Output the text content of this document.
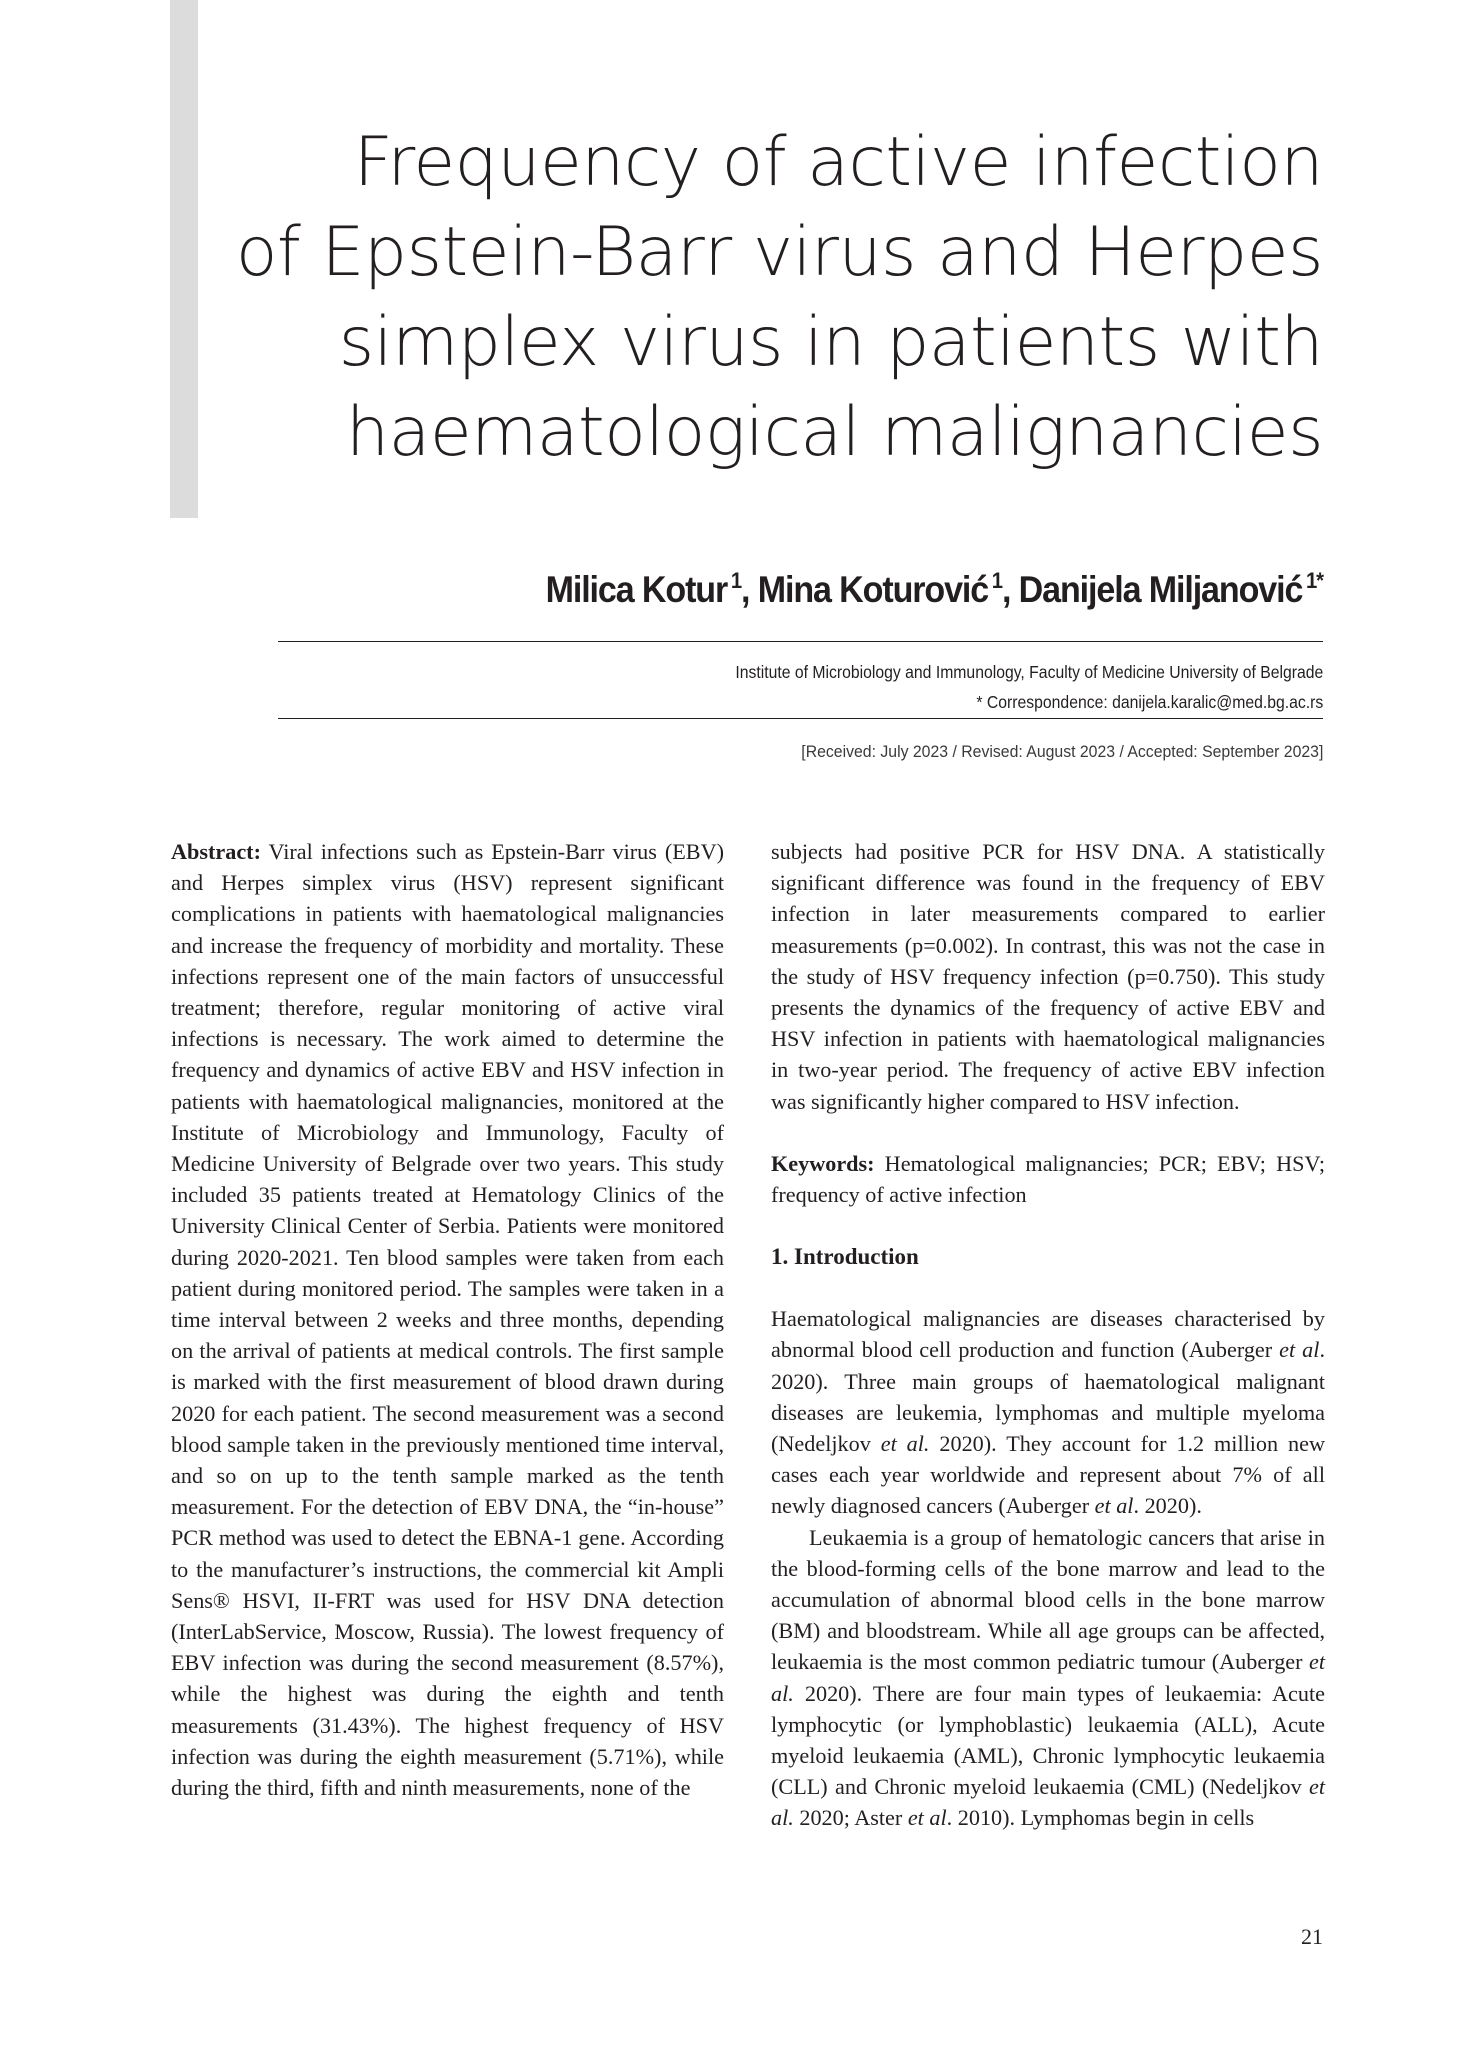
Frequency of active infection
of Epstein-Barr virus and Herpes
simplex virus in patients with
haematological malignancies
Milica Kotur $^1$, Mina Koturović $^1$, Danijela Miljanović $^{1*}$
Institute of Microbiology and Immunology, Faculty of Medicine University of Belgrade
* Correspondence: danijela.karalic@med.bg.ac.rs
[Received: July 2023 / Revised: August 2023 / Accepted: September 2023]

Abstract: Viral infections such as Epstein-Barr virus (EBV) and Herpes simplex virus (HSV) represent significant complications in patients with haematological malignancies and increase the frequency of morbidity and mortality. These infections represent one of the main factors of unsuccessful treatment; therefore, regular monitoring of active viral infections is necessary. The work aimed to determine the frequency and dynamics of active EBV and HSV infection in patients with haematological malignancies, monitored at the Institute of Microbiology and Immunology, Faculty of Medicine University of Belgrade over two years. This study included 35 patients treated at Hematology Clinics of the University Clinical Center of Serbia. Patients were monitored during 2020-2021. Ten blood samples were taken from each patient during monitored period. The samples were taken in a time interval between 2 weeks and three months, depending on the arrival of patients at medical controls. The first sample is marked with the first measurement of blood drawn during 2020 for each patient. The second measurement was a second blood sample taken in the previously mentioned time interval, and so on up to the tenth sample marked as the tenth measurement. For the detection of EBV DNA, the “in-house” PCR method was used to detect the EBNA-1 gene. According to the manufacturer’s instructions, the commercial kit Ampli Sens® HSVI, II-FRT was used for HSV DNA detection (InterLabService, Moscow, Russia). The lowest frequency of EBV infection was during the second measurement (8.57%), while the highest was during the eighth and tenth measurements (31.43%). The highest frequency of HSV infection was during the eighth measurement (5.71%), while during the third, fifth and ninth measurements, none of the

subjects had positive PCR for HSV DNA. A statistically significant difference was found in the frequency of EBV infection in later measurements compared to earlier measurements (p=0.002). In contrast, this was not the case in the study of HSV frequency infection (p=0.750). This study presents the dynamics of the frequency of active EBV and HSV infection in patients with haematological malignancies in two-year period. The frequency of active EBV infection was significantly higher compared to HSV infection.

Keywords: Hematological malignancies; PCR; EBV; HSV; frequency of active infection

1. Introduction

Haematological malignancies are diseases characterised by abnormal blood cell production and function (Auberger et al. 2020). Three main groups of haematological malignant diseases are leukemia, lymphomas and multiple myeloma (Nedeljkov et al. 2020). They account for 1.2 million new cases each year worldwide and represent about 7% of all newly diagnosed cancers (Auberger et al. 2020).

Leukaemia is a group of hematologic cancers that arise in the blood-forming cells of the bone marrow and lead to the accumulation of abnormal blood cells in the bone marrow (BM) and bloodstream. While all age groups can be affected, leukaemia is the most common pediatric tumour (Auberger et al. 2020). There are four main types of leukaemia: Acute lymphocytic (or lymphoblastic) leukaemia (ALL), Acute myeloid leukaemia (AML), Chronic lymphocytic leukaemia (CLL) and Chronic myeloid leukaemia (CML) (Nedeljkov et al. 2020; Aster et al. 2010). Lymphomas begin in cells

21
